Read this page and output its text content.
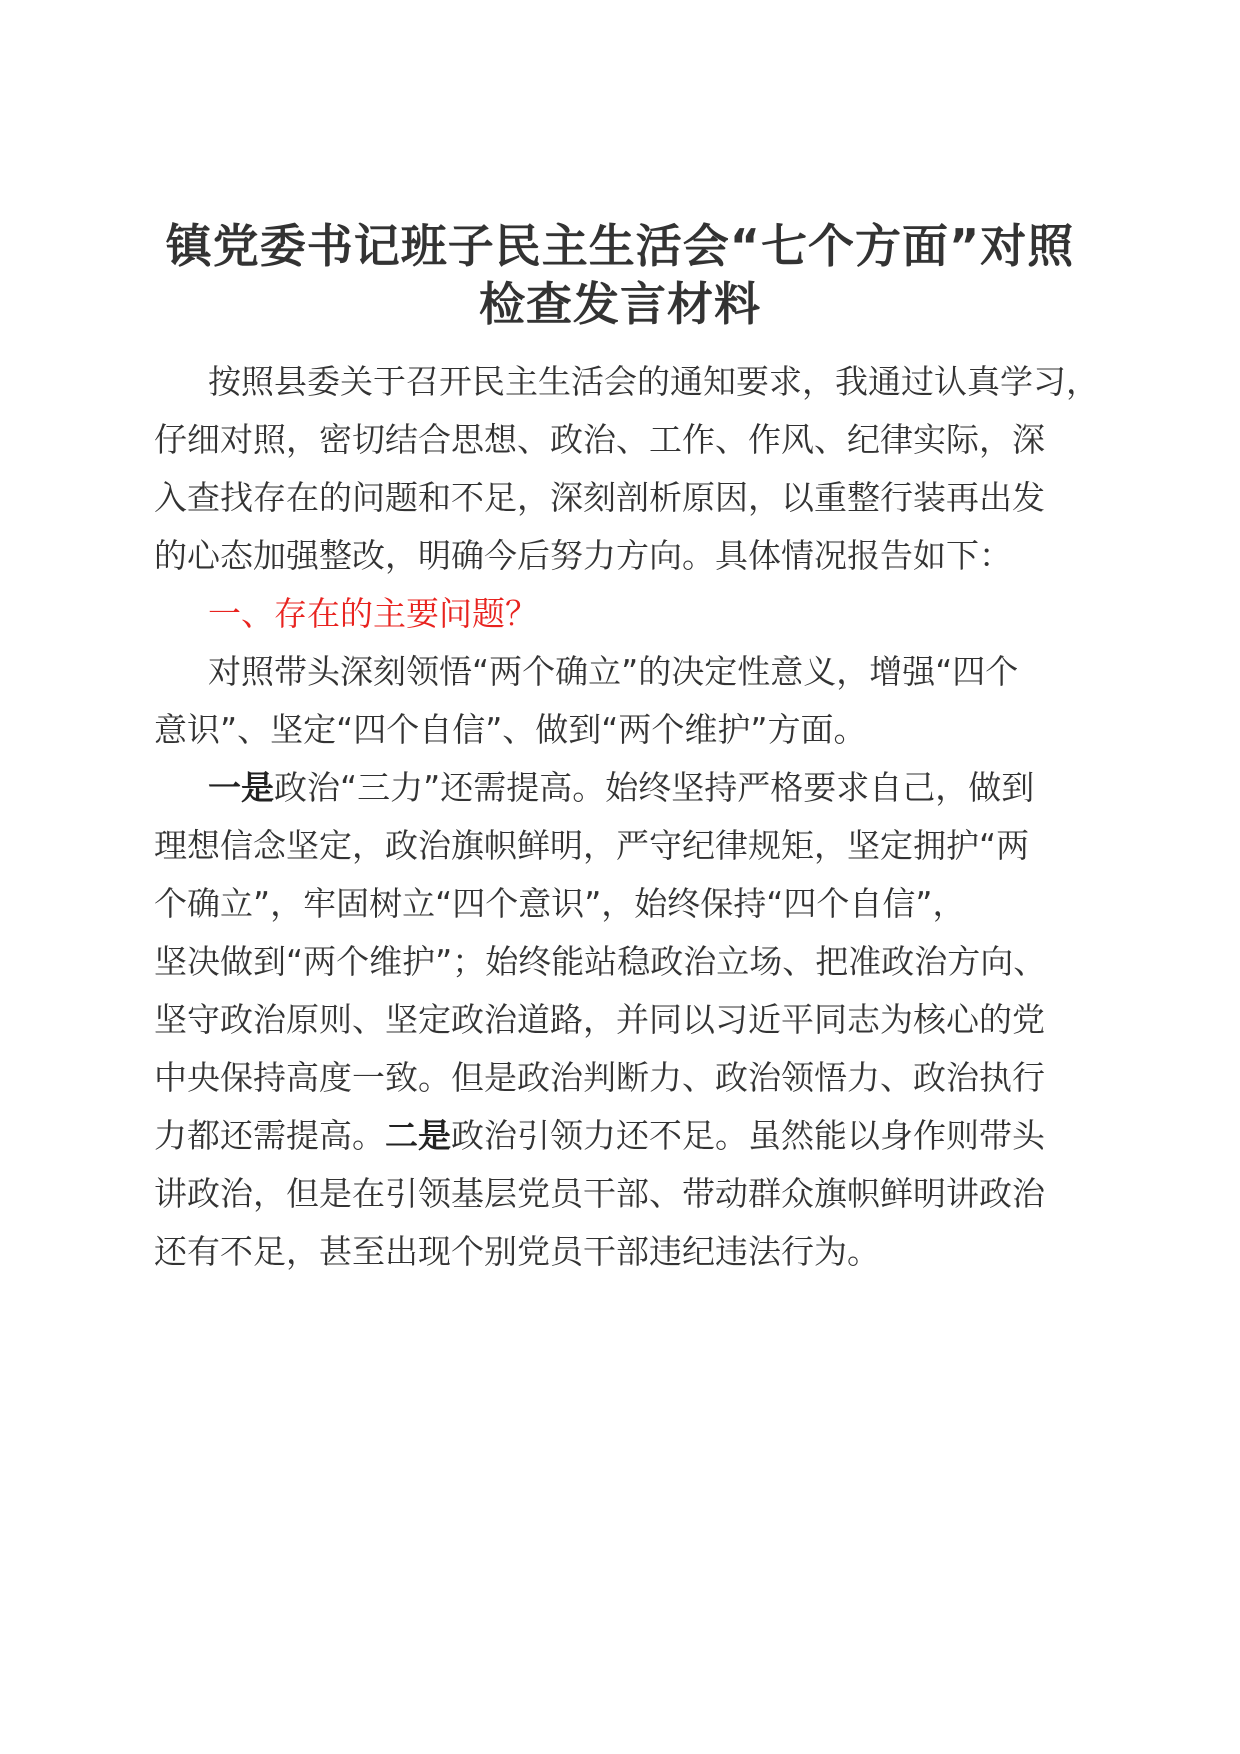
镇党委书记班子民主生活会“七个方面”对照
检查发言材料
按照县委关于召开民主生活会的通知要求，我通过认真学习，
仔细对照，密切结合思想、政治、工作、作风、纪律实际，深
入查找存在的问题和不足，深刻剖析原因，以重整行装再出发
的心态加强整改，明确今后努力方向。具体情况报告如下：
一、存在的主要问题？
对照带头深刻领悟“两个确立”的决定性意义，增强“四个
意识”、坚定“四个自信”、做到“两个维护”方面。
一是政治“三力”还需提高。始终坚持严格要求自己，做到
理想信念坚定，政治旗帜鲜明，严守纪律规矩，坚定拥护“两
个确立”，牢固树立“四个意识”，始终保持“四个自信”，
坚决做到“两个维护”；始终能站稳政治立场、把准政治方向、
坚守政治原则、坚定政治道路，并同以习近平同志为核心的党
中央保持高度一致。但是政治判断力、政治领悟力、政治执行
力都还需提高。二是政治引领力还不足。虽然能以身作则带头
讲政治，但是在引领基层党员干部、带动群众旗帜鲜明讲政治
还有不足，甚至出现个别党员干部违纪违法行为。
